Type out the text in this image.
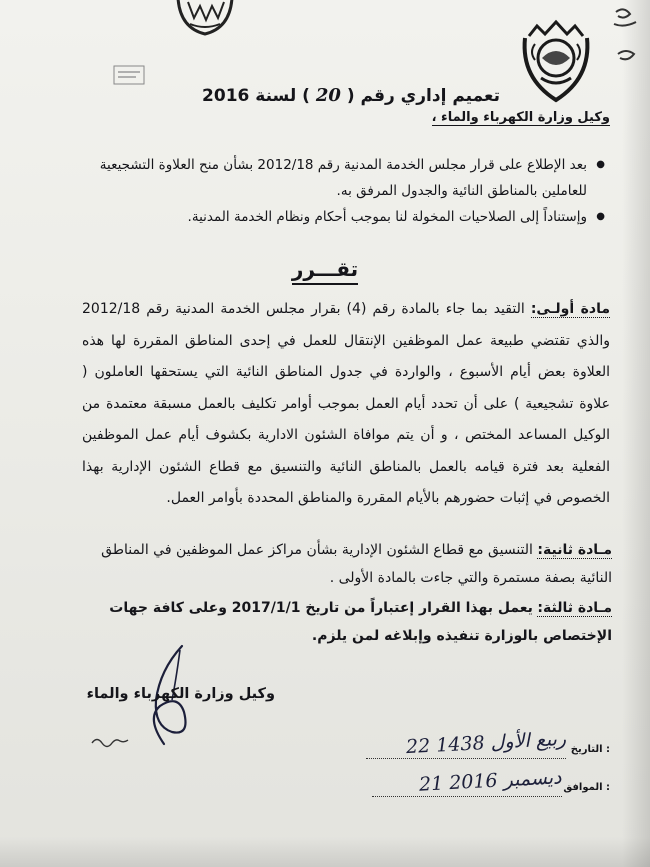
تعميم إداري رقم ( 20 ) لسنة 2016
وكيل وزارة الكهرباء والماء ،
● بعد الإطلاع على قرار مجلس الخدمة المدنية رقم 2012/18 بشأن منح العلاوة التشجيعية للعاملين بالمناطق النائية والجدول المرفق به.
● وإستناداً إلى الصلاحيات المخولة لنا بموجب أحكام ونظام الخدمة المدنية.
تقـــرر
مادة أولـى: التقيد بما جاء بالمادة رقم (4) بقرار مجلس الخدمة المدنية رقم 2012/18 والذي تقتضي طبيعة عمل الموظفين الإنتقال للعمل في إحدى المناطق المقررة لها هذه العلاوة بعض أيام الأسبوع ، والواردة في جدول المناطق النائية التي يستحقها العاملون ( علاوة تشجيعية ) على أن تحدد أيام العمل بموجب أوامر تكليف بالعمل مسبقة معتمدة من الوكيل المساعد المختص ، و أن يتم موافاة الشئون الادارية بكشوف أيام عمل الموظفين الفعلية بعد فترة قيامه بالعمل بالمناطق النائية والتنسيق مع قطاع الشئون الإدارية بهذا الخصوص في إثبات حضورهم بالأيام المقررة والمناطق المحددة بأوامر العمل.
مـادة ثانية: التنسيق مع قطاع الشئون الإدارية بشأن مراكز عمل الموظفين في المناطق النائية بصفة مستمرة والتي جاءت بالمادة الأولى .
مـادة ثالثة: يعمل بهذا القرار إعتباراً من تاريخ 2017/1/1 وعلى كافة جهات الإختصاص بالوزارة تنفيذه وإبلاغه لمن يلزم.
وكيل وزارة الكهرباء والماء
التاريخ :
22 ربيع الأول 1438
الموافق :
21 ديسمبر 2016
